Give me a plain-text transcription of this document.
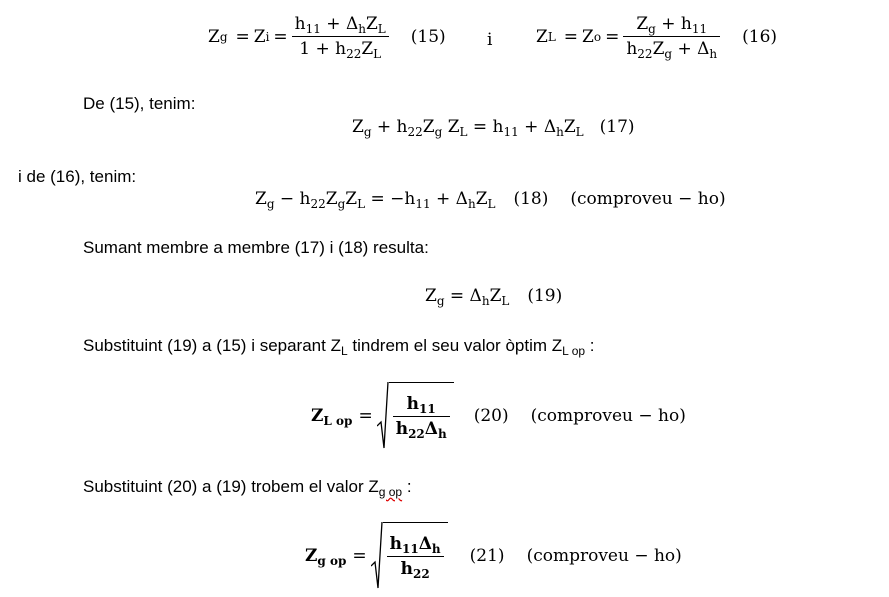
Z g = Z $i = \frac{h_{11} + \Delta_hZ_L}{1 + h_{22}Z_L} (15)$ i	Z L = Z $o = \frac{Z_g + h_{11}}{h_{22}Z_g + \Delta_h} (16)$
De (15), tenim:
$Z_g + h_{22}Z_g$ $Z_L = h_{11} + \Delta_hZ_L$ (17)
i de (16), tenim:
$Z_g - h_{22}Z_gZ_L = -h_{11} + \Delta_hZ_L$ (18) (comproveu − ho)
Sumant membre a membre (17) i (18) resulta:
$Z_g = \Delta_hZ_L$ (19)
Substituint (19) a (15) i separant $Z_L$ tindrem el seu valor òptim $Z_{L op}$ :
$Z_{L op} = \frac{h_{11}}{h_{22}\Delta_h} (20)$ (comproveu − ho)
Substituint (20) a (19) trobem el valor $Z_{g op}$ :
$Z_{g op} = \frac{h_{11}\Delta_h}{h_{22}} (21)$ (comproveu − ho)
